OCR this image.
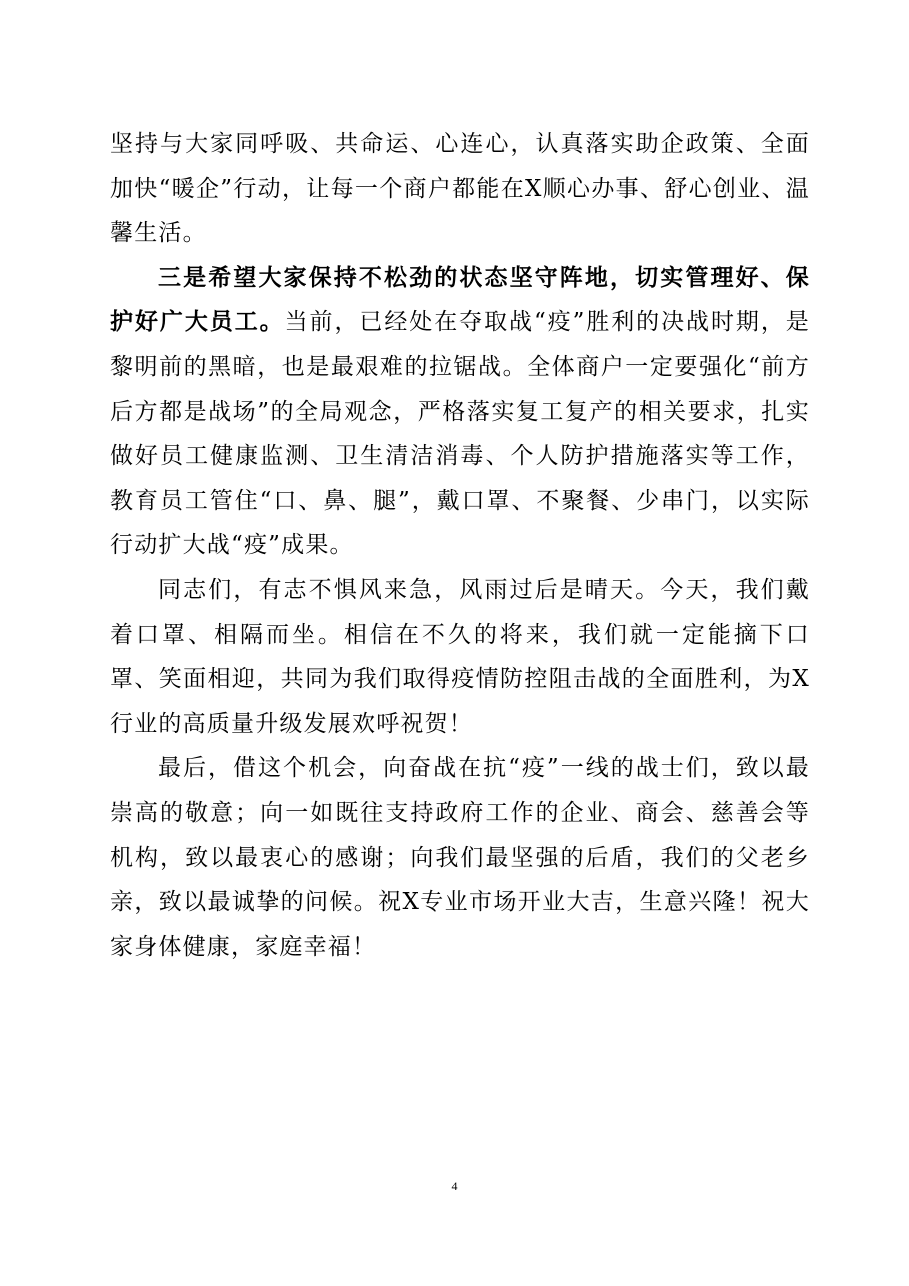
坚持与大家同呼吸、共命运、心连心，认真落实助企政策、全面加快“暖企”行动，让每一个商户都能在X顺心办事、舒心创业、温馨生活。

三是希望大家保持不松劲的状态坚守阵地，切实管理好、保护好广大员工。当前，已经处在夺取战“疫”胜利的决战时期，是黎明前的黑暗，也是最艰难的拉锯战。全体商户一定要强化“前方后方都是战场”的全局观念，严格落实复工复产的相关要求，扎实做好员工健康监测、卫生清洁消毒、个人防护措施落实等工作，教育员工管住“口、鼻、腿”，戴口罩、不聚餐、少串门，以实际行动扩大战“疫”成果。

同志们，有志不惧风来急，风雨过后是晴天。今天，我们戴着口罩、相隔而坐。相信在不久的将来，我们就一定能摘下口罩、笑面相迎，共同为我们取得疫情防控阻击战的全面胜利，为X行业的高质量升级发展欢呼祝贺！

最后，借这个机会，向奋战在抗“疫”一线的战士们，致以最崇高的敬意；向一如既往支持政府工作的企业、商会、慈善会等机构，致以最衷心的感谢；向我们最坚强的后盾，我们的父老乡亲，致以最诚挚的问候。祝X专业市场开业大吉，生意兴隆！祝大家身体健康，家庭幸福！

4
